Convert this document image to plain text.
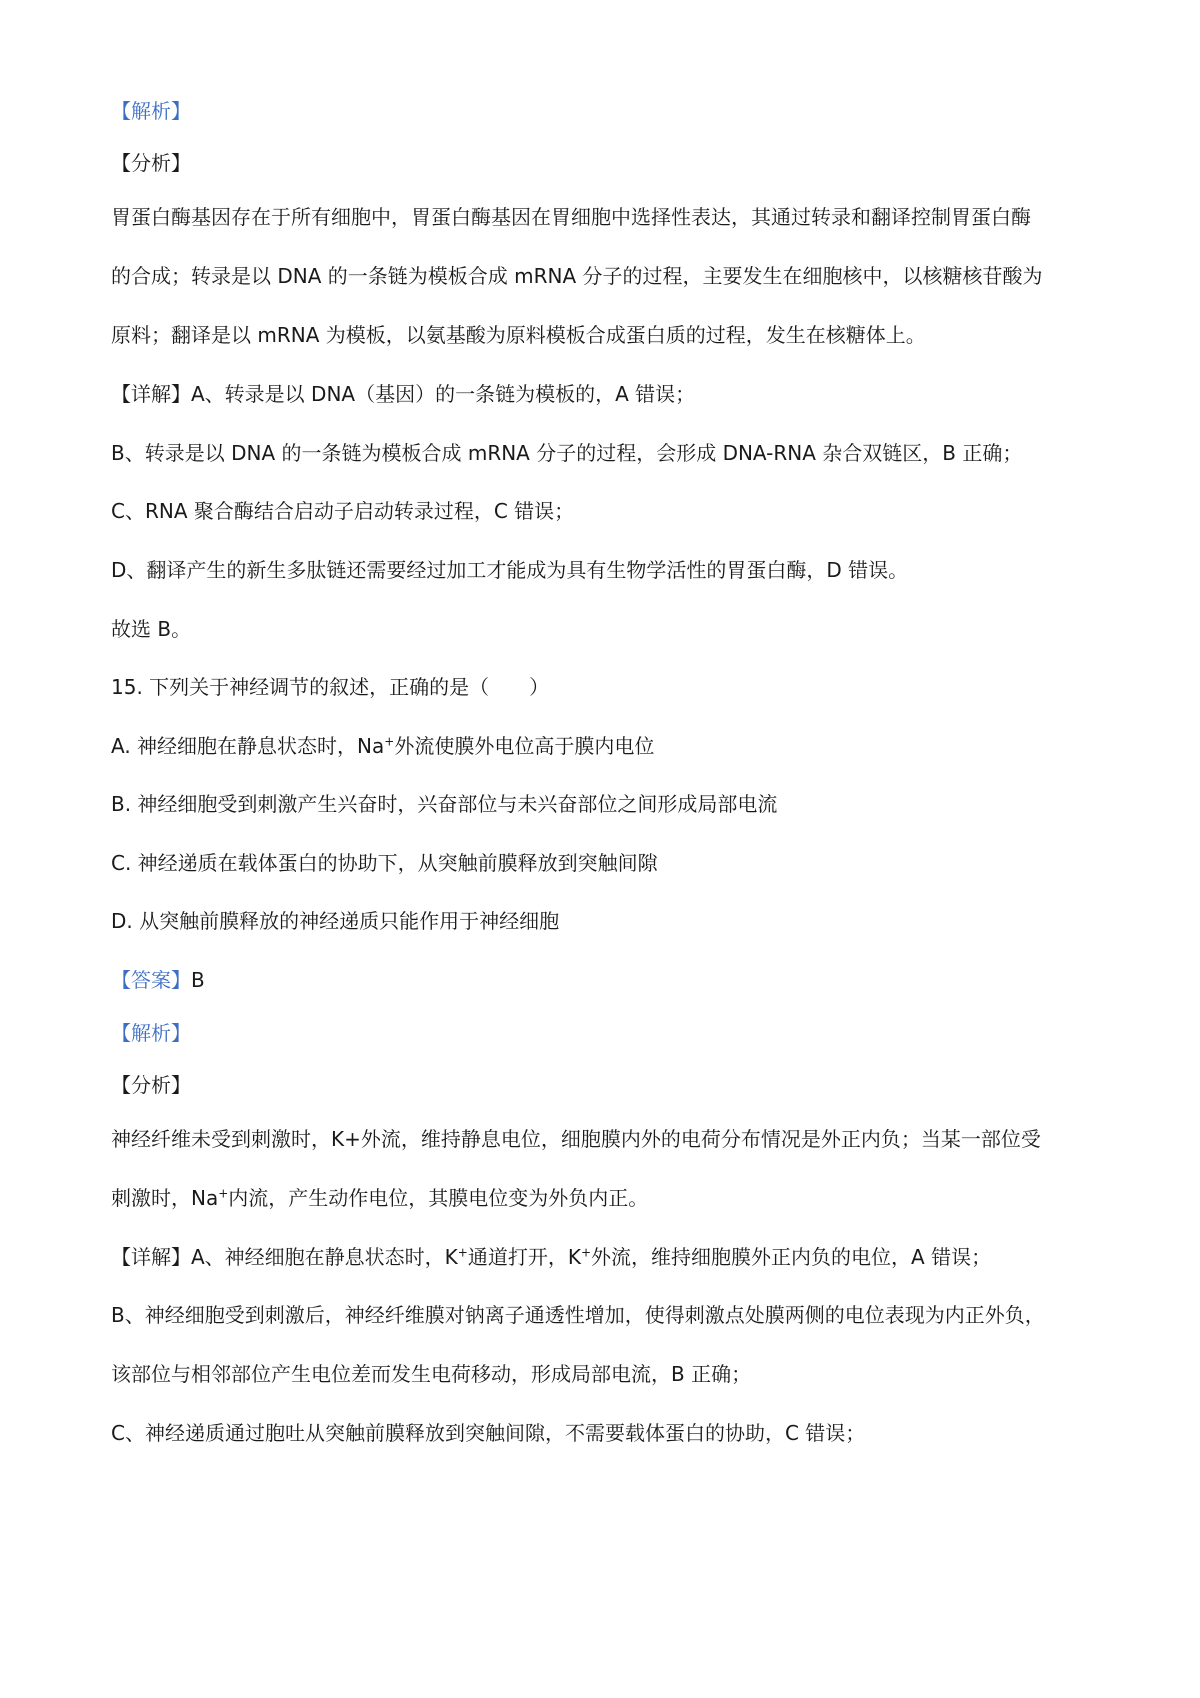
【解析】
【分析】
胃蛋白酶基因存在于所有细胞中，胃蛋白酶基因在胃细胞中选择性表达，其通过转录和翻译控制胃蛋白酶
的合成；转录是以 DNA 的一条链为模板合成 mRNA 分子的过程，主要发生在细胞核中，以核糖核苷酸为
原料；翻译是以 mRNA 为模板，以氨基酸为原料模板合成蛋白质的过程，发生在核糖体上。
【详解】A、转录是以 DNA（基因）的一条链为模板的，A 错误；
B、转录是以 DNA 的一条链为模板合成 mRNA 分子的过程，会形成 DNA-RNA 杂合双链区，B 正确；
C、RNA 聚合酶结合启动子启动转录过程，C 错误；
D、翻译产生的新生多肽链还需要经过加工才能成为具有生物学活性的胃蛋白酶，D 错误。
故选 B。
15. 下列关于神经调节的叙述，正确的是（　　）
A. 神经细胞在静息状态时，Na+外流使膜外电位高于膜内电位
B. 神经细胞受到刺激产生兴奋时，兴奋部位与未兴奋部位之间形成局部电流
C. 神经递质在载体蛋白的协助下，从突触前膜释放到突触间隙
D. 从突触前膜释放的神经递质只能作用于神经细胞
【答案】B
【解析】
【分析】
神经纤维未受到刺激时，K+外流，维持静息电位，细胞膜内外的电荷分布情况是外正内负；当某一部位受
刺激时，Na+内流，产生动作电位，其膜电位变为外负内正。
【详解】A、神经细胞在静息状态时，K+通道打开，K+外流，维持细胞膜外正内负的电位，A 错误；
B、神经细胞受到刺激后，神经纤维膜对钠离子通透性增加，使得刺激点处膜两侧的电位表现为内正外负，
该部位与相邻部位产生电位差而发生电荷移动，形成局部电流，B 正确；
C、神经递质通过胞吐从突触前膜释放到突触间隙，不需要载体蛋白的协助，C 错误；
